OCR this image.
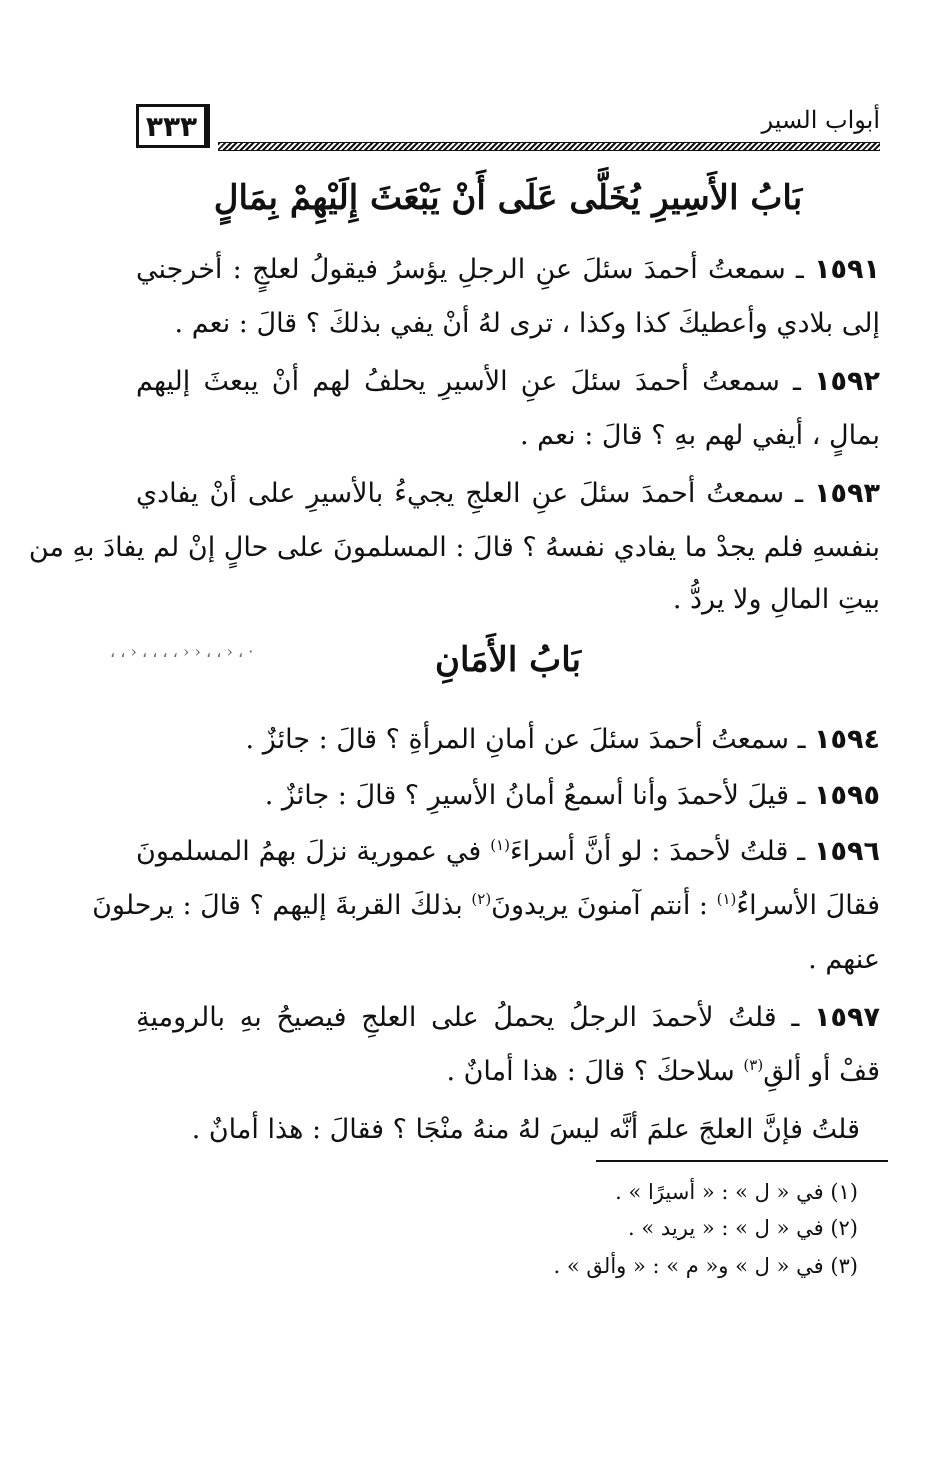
٣٣٣	أبواب السير
بَابُ الأَسِيرِ يُخَلَّى عَلَى أَنْ يَبْعَثَ إِلَيْهِمْ بِمَالٍ
١٥٩١ ـ سمعتُ أحمدَ سئلَ عنِ الرجلِ يؤسرُ فيقولُ لعلجٍ : أخرجني
إلى بلادي وأعطيكَ كذا وكذا ، ترى لهُ أنْ يفي بذلكَ ؟ قالَ : نعم .
١٥٩٢ ـ سمعتُ أحمدَ سئلَ عنِ الأسيرِ يحلفُ لهم أنْ يبعثَ إليهم
بمالٍ ، أيفي لهم بهِ ؟ قالَ : نعم .
١٥٩٣ ـ سمعتُ أحمدَ سئلَ عنِ العلجِ يجيءُ بالأسيرِ على أنْ يفادي
بنفسهِ فلم يجدْ ما يفادي نفسهُ ؟ قالَ : المسلمونَ على حالٍ إنْ لم يفادَ بهِ من
بيتِ المالِ ولا يردُّ .
· ، ‹ ، ، ‹ ‹ ، ، ، ، ‹ ، ،	بَابُ الأَمَانِ
١٥٩٤ ـ سمعتُ أحمدَ سئلَ عن أمانِ المرأةِ ؟ قالَ : جائزٌ .
١٥٩٥ ـ قيلَ لأحمدَ وأنا أسمعُ أمانُ الأسيرِ ؟ قالَ : جائزٌ .
١٥٩٦ ـ قلتُ لأحمدَ : لو أنَّ أسراءَ$^{(١)}$ في عمورية نزلَ بهمُ المسلمونَ
فقالَ الأسراءُ$^{(١)}$ : أنتم آمنونَ يريدونَ$^{(٢)}$ بذلكَ القربةَ إليهم ؟ قالَ : يرحلونَ
عنهم .
١٥٩٧ ـ قلتُ لأحمدَ الرجلُ يحملُ على العلجِ فيصيحُ بهِ بالروميةِ
قفْ أو ألقِ$^{(٣)}$ سلاحكَ ؟ قالَ : هذا أمانٌ .
قلتُ فإنَّ العلجَ علمَ أنَّه ليسَ لهُ منهُ منْجَا ؟ فقالَ : هذا أمانٌ .
(١) في « ل » : « أسيرًا » .
(٢) في « ل » : « يريد » .
(٣) في « ل » و« م » : « وألق » .
